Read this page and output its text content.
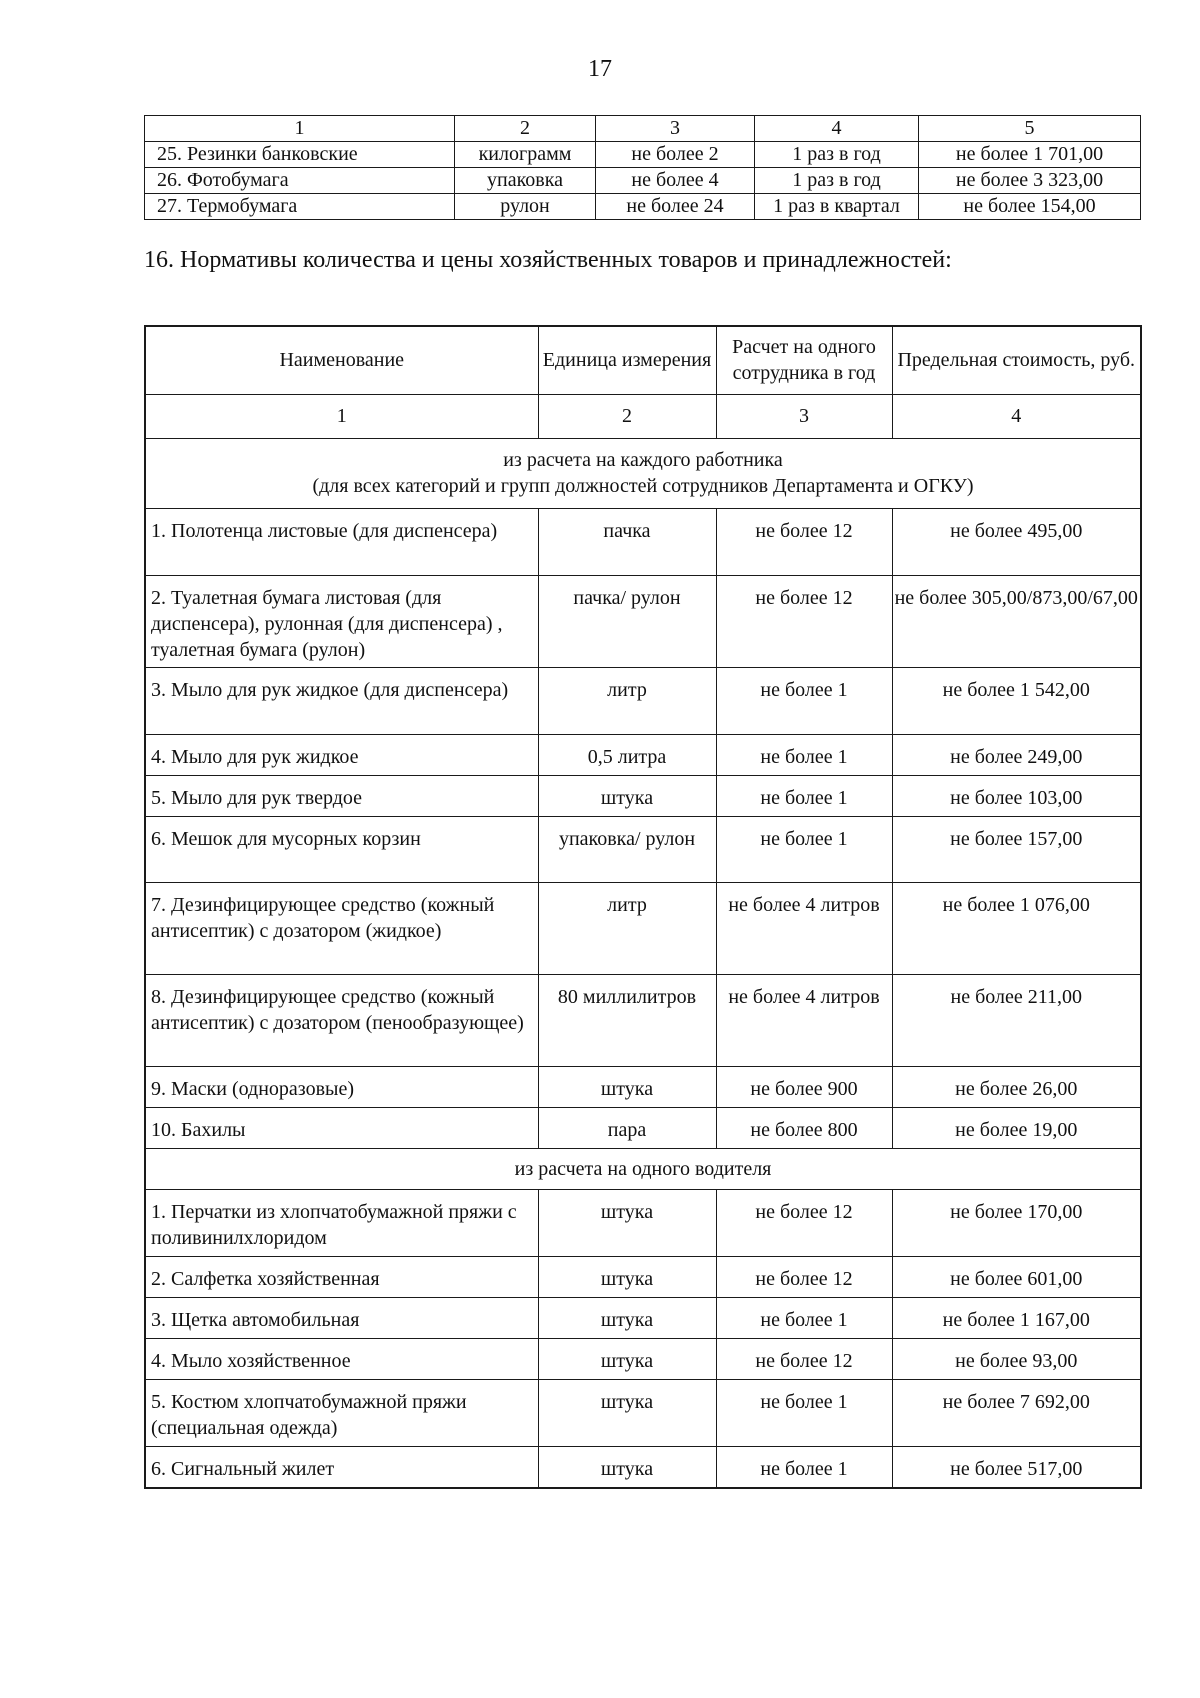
17
1	2	3	4	5
25. Резинки банковские	килограмм	не более 2	1 раз в год	не более 1 701,00
26. Фотобумага	упаковка	не более 4	1 раз в год	не более 3 323,00
27. Термобумага	рулон	не более 24	1 раз в квартал	не более 154,00
16. Нормативы количества и цены хозяйственных товаров и принадлежностей:
Наименование	Единица измерения	Расчет на одного сотрудника в год	Предельная стоимость, руб.
1	2	3	4

из расчета на каждого работника
(для всех категорий и групп должностей сотрудников Департамента и ОГКУ)			

1. Полотенца листовые (для диспенсера)	пачка	не более 12	не более 495,00
2. Туалетная бумага листовая (для диспенсера), рулонная (для диспенсера) , туалетная бумага (рулон)	пачка/ рулон	не более 12	не более 305,00/873,00/67,00
3. Мыло для рук жидкое (для диспенсера)	литр	не более 1	не более 1 542,00
4. Мыло для рук жидкое	0,5 литра	не более 1	не более 249,00
5. Мыло для рук твердое	штука	не более 1	не более 103,00
6. Мешок для мусорных корзин	упаковка/ рулон	не более 1	не более 157,00
7. Дезинфицирующее средство (кожный антисептик) с дозатором (жидкое)	литр	не более 4 литров	не более 1 076,00
8. Дезинфицирующее средство (кожный антисептик) с дозатором (пенообразующее)	80 миллилитров	не более 4 литров	не более 211,00
9. Маски (одноразовые)	штука	не более 900	не более 26,00
10. Бахилы	пара	не более 800	не более 19,00
из расчета на одного водителя			
1. Перчатки из хлопчатобумажной пряжи с поливинилхлоридом	штука	не более 12	не более 170,00
2. Салфетка хозяйственная	штука	не более 12	не более 601,00
3. Щетка автомобильная	штука	не более 1	не более 1 167,00
4. Мыло хозяйственное	штука	не более 12	не более 93,00
5. Костюм хлопчатобумажной пряжи (специальная одежда)	штука	не более 1	не более 7 692,00
6. Сигнальный жилет	штука	не более 1	не более 517,00
